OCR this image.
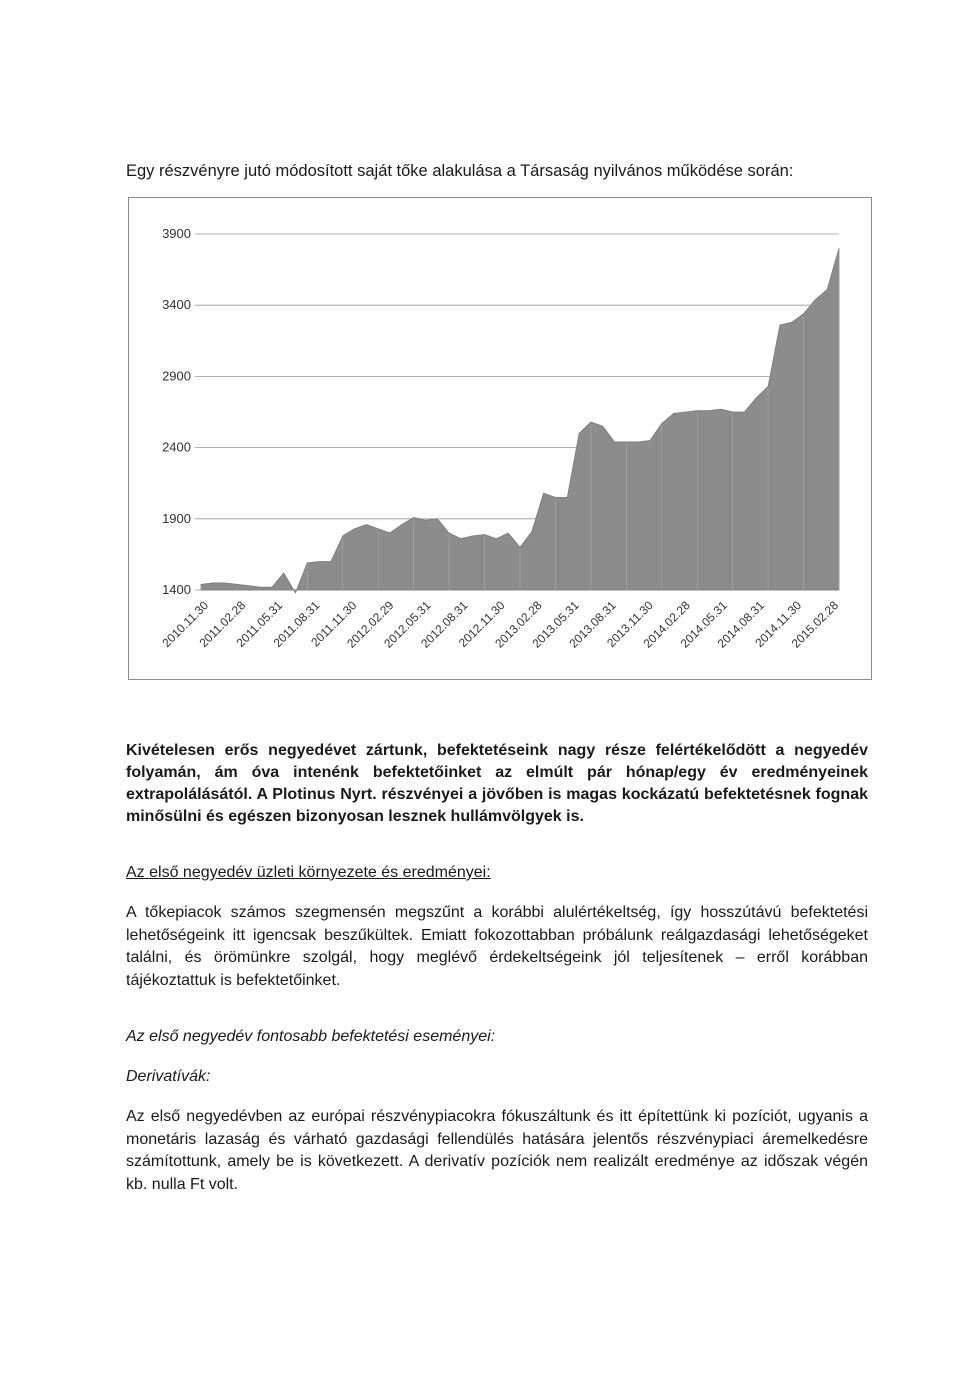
Egy részvényre jutó módosított saját tőke alakulása a Társaság nyilvános működése során:
1400
1900
2400
2900
3400
3900
2010.11.30
2011.02.28
2011.05.31
2011.08.31
2011.11.30
2012.02.29
2012.05.31
2012.08.31
2012.11.30
2013.02.28
2013.05.31
2013.08.31
2013.11.30
2014.02.28
2014.05.31
2014.08.31
2014.11.30
2015.02.28
Kivételesen erős negyedévet zártunk, befektetéseink nagy része felértékelődött a negyedév folyamán, ám óva intenénk befektetőinket az elmúlt pár hónap/egy év eredményeinek extrapolálásától. A Plotinus Nyrt. részvényei a jövőben is magas kockázatú befektetésnek fognak minősülni és egészen bizonyosan lesznek hullámvölgyek is.
Az első negyedév üzleti környezete és eredményei:
A tőkepiacok számos szegmensén megszűnt a korábbi alulértékeltség, így hosszútávú befektetési lehetőségeink itt igencsak beszűkültek. Emiatt fokozottabban próbálunk reálgazdasági lehetőségeket találni, és örömünkre szolgál, hogy meglévő érdekeltségeink jól teljesítenek – erről korábban tájékoztattuk is befektetőinket.
Az első negyedév fontosabb befektetési eseményei:
Derivatívák:
Az első negyedévben az európai részvénypiacokra fókuszáltunk és itt építettünk ki pozíciót, ugyanis a monetáris lazaság és várható gazdasági fellendülés hatására jelentős részvénypiaci áremelkedésre számítottunk, amely be is következett. A derivatív pozíciók nem realizált eredménye az időszak végén kb. nulla Ft volt.
